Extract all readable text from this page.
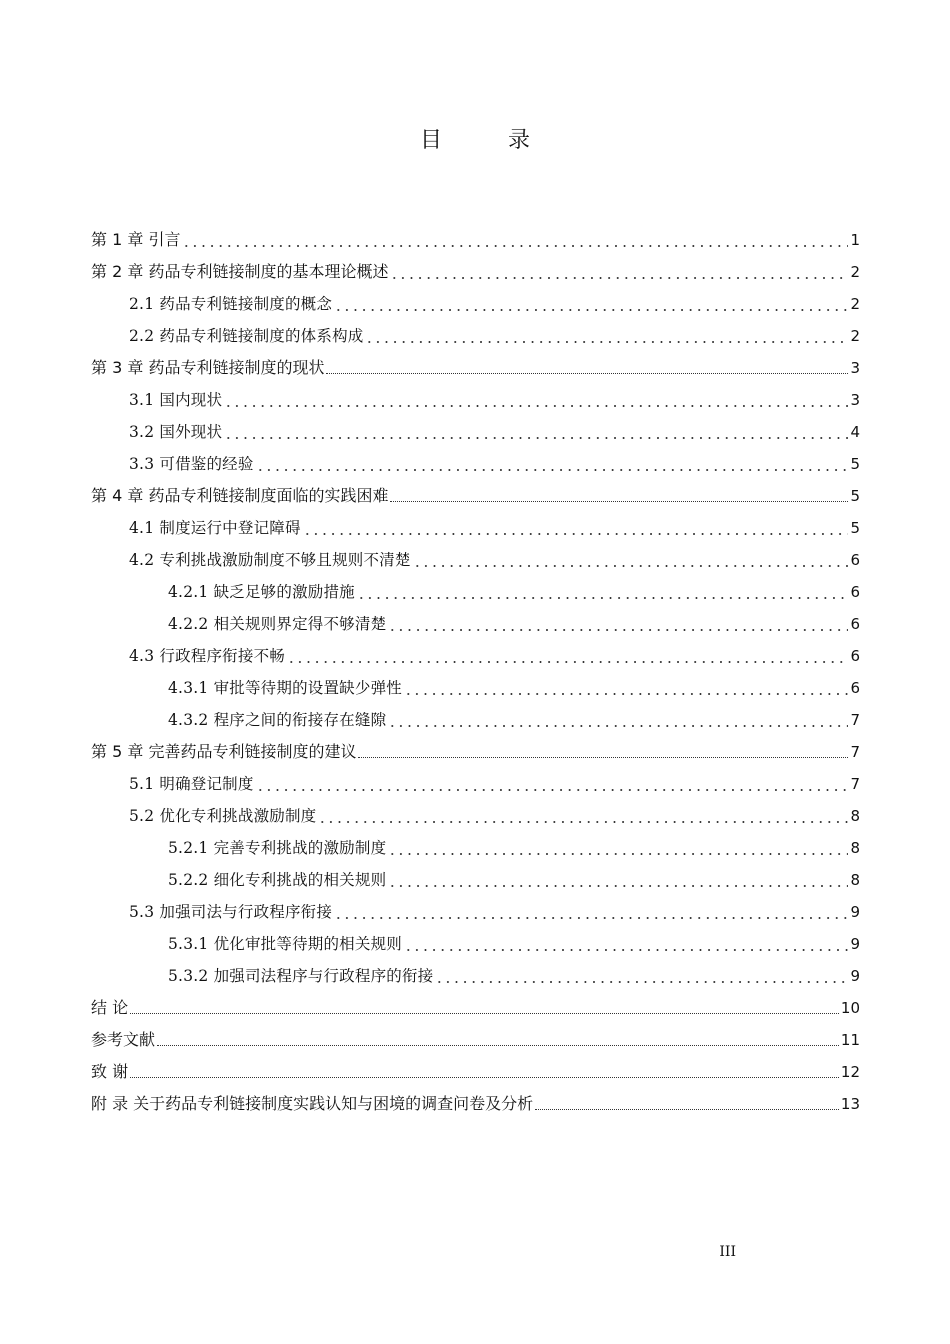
目　录
第 1 章 引言	1
第 2 章 药品专利链接制度的基本理论概述	2
2.1 药品专利链接制度的概念	2
2.2 药品专利链接制度的体系构成	2
第 3 章 药品专利链接制度的现状	3
3.1 国内现状	3
3.2 国外现状	4
3.3 可借鉴的经验	5
第 4 章 药品专利链接制度面临的实践困难	5
4.1 制度运行中登记障碍	5
4.2 专利挑战激励制度不够且规则不清楚	6
4.2.1 缺乏足够的激励措施	6
4.2.2 相关规则界定得不够清楚	6
4.3 行政程序衔接不畅	6
4.3.1 审批等待期的设置缺少弹性	6
4.3.2 程序之间的衔接存在缝隙	7
第 5 章 完善药品专利链接制度的建议	7
5.1 明确登记制度	7
5.2 优化专利挑战激励制度	8
5.2.1 完善专利挑战的激励制度	8
5.2.2 细化专利挑战的相关规则	8
5.3 加强司法与行政程序衔接	9
5.3.1 优化审批等待期的相关规则	9
5.3.2 加强司法程序与行政程序的衔接	9
结 论	10
参考文献	11
致 谢	12
附 录 关于药品专利链接制度实践认知与困境的调查问卷及分析	13
III
